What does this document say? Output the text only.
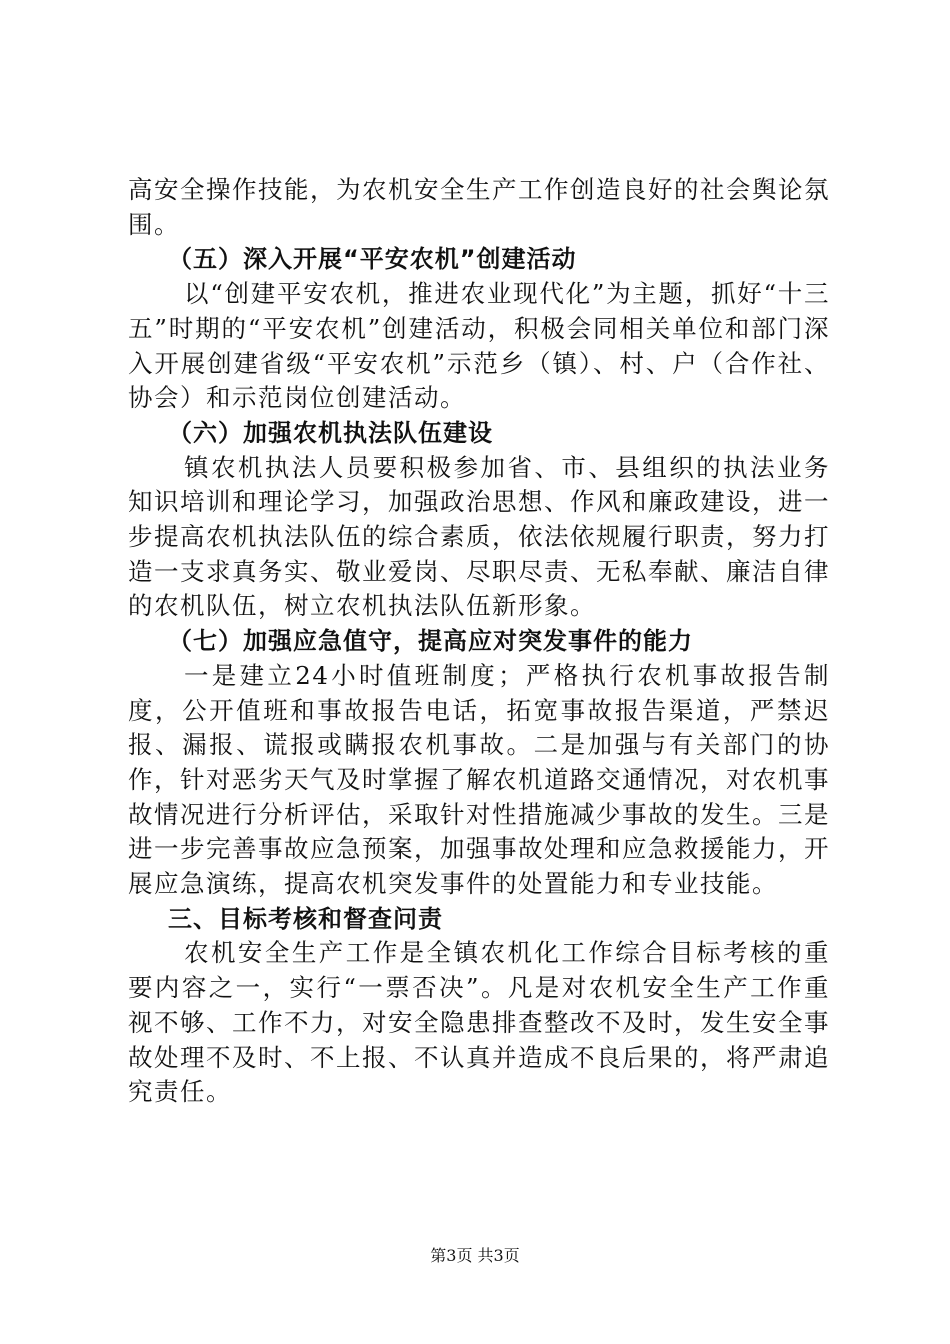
高安全操作技能，为农机安全生产工作创造良好的社会舆论氛围。

（五）深入开展“平安农机”创建活动

以“创建平安农机，推进农业现代化”为主题，抓好“十三五”时期的“平安农机”创建活动，积极会同相关单位和部门深入开展创建省级“平安农机”示范乡（镇）、村、户（合作社、协会）和示范岗位创建活动。

（六）加强农机执法队伍建设

镇农机执法人员要积极参加省、市、县组织的执法业务知识培训和理论学习，加强政治思想、作风和廉政建设，进一步提高农机执法队伍的综合素质，依法依规履行职责，努力打造一支求真务实、敬业爱岗、尽职尽责、无私奉献、廉洁自律的农机队伍，树立农机执法队伍新形象。

（七）加强应急值守，提高应对突发事件的能力

一是建立24小时值班制度；严格执行农机事故报告制度，公开值班和事故报告电话，拓宽事故报告渠道，严禁迟报、漏报、谎报或瞒报农机事故。二是加强与有关部门的协作，针对恶劣天气及时掌握了解农机道路交通情况，对农机事故情况进行分析评估，采取针对性措施减少事故的发生。三是进一步完善事故应急预案，加强事故处理和应急救援能力，开展应急演练，提高农机突发事件的处置能力和专业技能。

三、目标考核和督查问责

农机安全生产工作是全镇农机化工作综合目标考核的重要内容之一，实行“一票否决”。凡是对农机安全生产工作重视不够、工作不力，对安全隐患排查整改不及时，发生安全事故处理不及时、不上报、不认真并造成不良后果的，将严肃追究责任。

第3页 共3页
